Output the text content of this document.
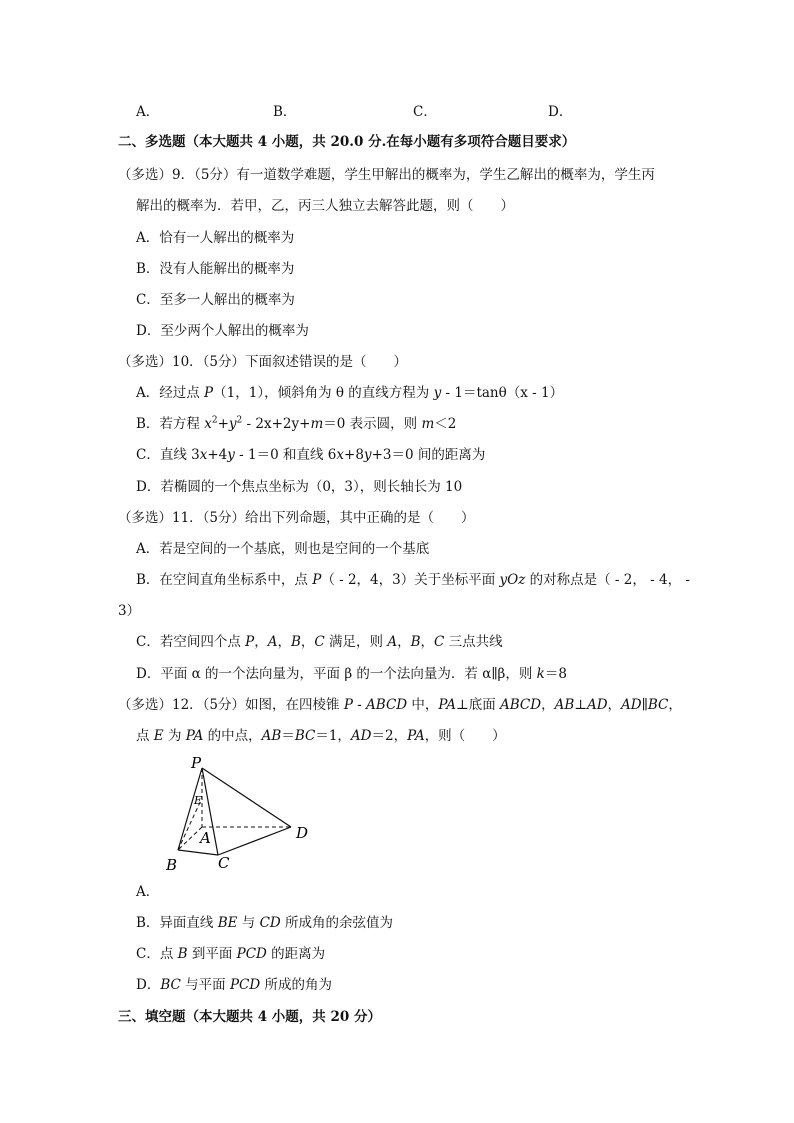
A．	B．	C．	D．
二、多选题（本大题共 4 小题，共 20.0 分.在每小题有多项符合题目要求）
（多选）9．（5分）有一道数学难题，学生甲解出的概率为，学生乙解出的概率为，学生丙
解出的概率为．若甲，乙，丙三人独立去解答此题，则（　　）
A．恰有一人解出的概率为
B．没有人能解出的概率为
C．至多一人解出的概率为
D．至少两个人解出的概率为
（多选）10．（5分）下面叙述错误的是（　　）
A．经过点 P（1，1），倾斜角为 θ 的直线方程为 y - 1＝tanθ（x - 1）
B．若方程 $x^2+y^2 - 2x+2y+m=0$ 表示圆，则 m＜2
C．直线 3x+4y - 1＝0 和直线 6x+8y+3＝0 间的距离为
D．若椭圆的一个焦点坐标为（0，3），则长轴长为 10
（多选）11．（5分）给出下列命题，其中正确的是（　　）
A．若是空间的一个基底，则也是空间的一个基底
B．在空间直角坐标系中，点 P（ - 2，4，3）关于坐标平面 yOz 的对称点是（ - 2， - 4， -
3）
C．若空间四个点 P，A，B，C 满足，则 A，B，C 三点共线
D．平面 α 的一个法向量为，平面 β 的一个法向量为．若 α∥β，则 k＝8
（多选）12．（5分）如图，在四棱锥 P - ABCD 中，PA⊥底面 ABCD，AB⊥AD，AD∥BC，
点 E 为 PA 的中点，AB＝BC＝1，AD＝2，PA，则（　　）
P
E
A
B	C
D
A．
B．异面直线 BE 与 CD 所成角的余弦值为
C．点 B 到平面 PCD 的距离为
D．BC 与平面 PCD 所成的角为
三、填空题（本大题共 4 小题，共 20 分）
